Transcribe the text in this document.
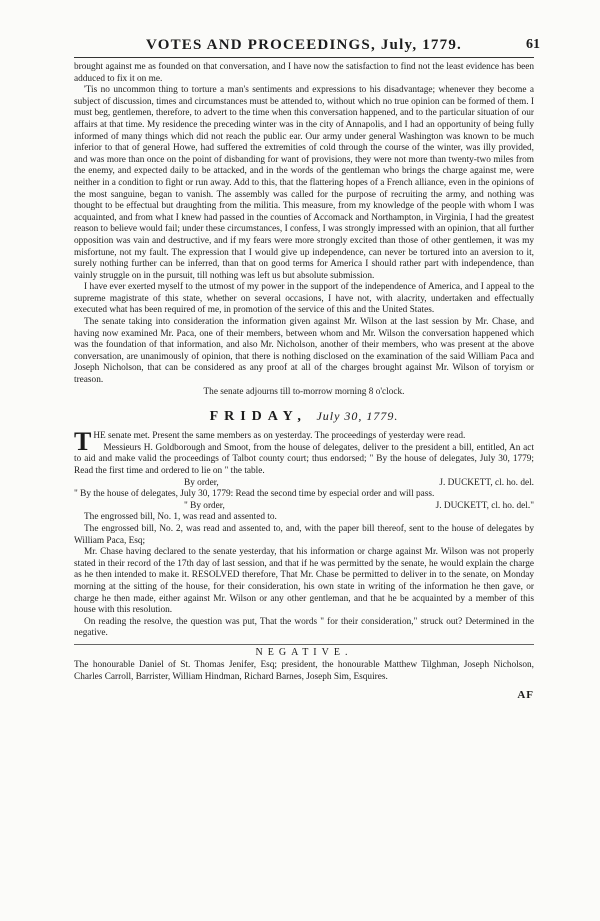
VOTES AND PROCEEDINGS, July, 1779.	61

brought against me as founded on that conversation, and I have now the satisfaction to find not the least evidence has been adduced to fix it on me.

'Tis no uncommon thing to torture a man's sentiments and expressions to his disadvantage; whenever they become a subject of discussion, times and circumstances must be attended to, without which no true opinion can be formed of them. I must beg, gentlemen, therefore, to advert to the time when this conversation happened, and to the particular situation of our affairs at that time. My residence the preceding winter was in the city of Annapolis, and I had an opportunity of being fully informed of many things which did not reach the public ear. Our army under general Washington was known to be much inferior to that of general Howe, had suffered the extremities of cold through the course of the winter, was illy provided, and was more than once on the point of disbanding for want of provisions, they were not more than twenty-two miles from the enemy, and expected daily to be attacked, and in the words of the gentleman who brings the charge against me, were neither in a condition to fight or run away. Add to this, that the flattering hopes of a French alliance, even in the opinions of the most sanguine, began to vanish. The assembly was called for the purpose of recruiting the army, and nothing was thought to be effectual but draughting from the militia. This measure, from my knowledge of the people with whom I was acquainted, and from what I knew had passed in the counties of Accomack and Northampton, in Virginia, I had the greatest reason to believe would fail; under these circumstances, I confess, I was strongly impressed with an opinion, that all further opposition was vain and destructive, and if my fears were more strongly excited than those of other gentlemen, it was my misfortune, not my fault. The expression that I would give up independence, can never be tortured into an aversion to it, surely nothing further can be inferred, than that on good terms for America I should rather part with independence, than vainly struggle on in the pursuit, till nothing was left us but absolute submission.

I have ever exerted myself to the utmost of my power in the support of the independence of America, and I appeal to the supreme magistrate of this state, whether on several occasions, I have not, with alacrity, undertaken and effectually executed what has been required of me, in promotion of the service of this and the United States.

The senate taking into consideration the information given against Mr. Wilson at the last session by Mr. Chase, and having now examined Mr. Paca, one of their members, between whom and Mr. Wilson the conversation happened which was the foundation of that information, and also Mr. Nicholson, another of their members, who was present at the above conversation, are unanimously of opinion, that there is nothing disclosed on the examination of the said William Paca and Joseph Nicholson, that can be considered as any proof at all of the charges brought against Mr. Wilson of toryism or treason.

The senate adjourns till to-morrow morning 8 o'clock.

FRIDAY, July 30, 1779.

THE senate met. Present the same members as on yesterday. The proceedings of yesterday were read.

Messieurs H. Goldborough and Smoot, from the house of delegates, deliver to the president a bill, entitled, An act to aid and make valid the proceedings of Talbot county court; thus endorsed; " By the house of delegates, July 30, 1779; Read the first time and ordered to lie on " the table.

By order,	J. DUCKETT, cl. ho. del.

" By the house of delegates, July 30, 1779: Read the second time by especial order and will pass.

" By order,	J. DUCKETT, cl. ho. del."

The engrossed bill, No. 1, was read and assented to.

The engrossed bill, No. 2, was read and assented to, and, with the paper bill thereof, sent to the house of delegates by William Paca, Esq;

Mr. Chase having declared to the senate yesterday, that his information or charge against Mr. Wilson was not properly stated in their record of the 17th day of last session, and that if he was permitted by the senate, he would explain the charge as he then intended to make it. RESOLVED therefore, That Mr. Chase be permitted to deliver in to the senate, on Monday morning at the sitting of the house, for their consideration, his own state in writing of the information he then gave, or charge he then made, either against Mr. Wilson or any other gentleman, and that he be acquainted by a member of this house with this resolution.

On reading the resolve, the question was put, That the words " for their consideration," struck out? Determined in the negative.

NEGATIVE.

The honourable Daniel of St. Thomas Jenifer, Esq; president, the honourable Matthew Tilghman, Joseph Nicholson, Charles Carroll, Barrister, William Hindman, Richard Barnes, Joseph Sim, Esquires.

AF
